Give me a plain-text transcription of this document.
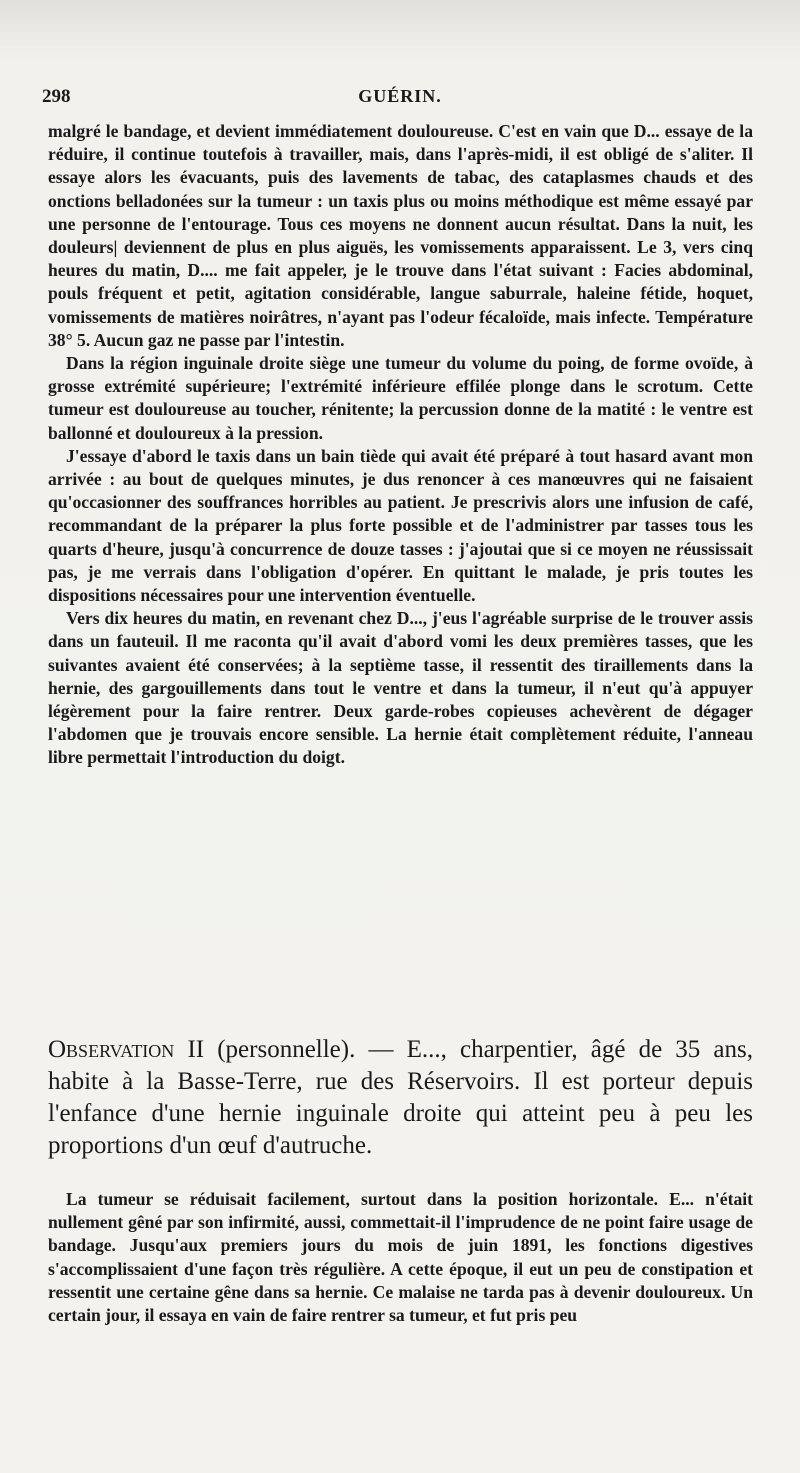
298	GUÉRIN.

malgré le bandage, et devient immédiatement douloureuse. C'est en vain que D... essaye de la réduire, il continue toutefois à travailler, mais, dans l'après-midi, il est obligé de s'aliter. Il essaye alors les évacuants, puis des lavements de tabac, des cataplasmes chauds et des onctions belladonées sur la tumeur : un taxis plus ou moins méthodique est même essayé par une personne de l'entourage. Tous ces moyens ne donnent aucun résultat. Dans la nuit, les douleurs| deviennent de plus en plus aiguës, les vomissements apparaissent. Le 3, vers cinq heures du matin, D.... me fait appeler, je le trouve dans l'état suivant : Facies abdominal, pouls fréquent et petit, agitation considérable, langue saburrale, haleine fétide, hoquet, vomissements de matières noirâtres, n'ayant pas l'odeur fécaloïde, mais infecte. Température 38° 5. Aucun gaz ne passe par l'intestin.

Dans la région inguinale droite siège une tumeur du volume du poing, de forme ovoïde, à grosse extrémité supérieure; l'extrémité inférieure effilée plonge dans le scrotum. Cette tumeur est douloureuse au toucher, rénitente; la percussion donne de la matité : le ventre est ballonné et douloureux à la pression.

J'essaye d'abord le taxis dans un bain tiède qui avait été préparé à tout hasard avant mon arrivée : au bout de quelques minutes, je dus renoncer à ces manœuvres qui ne faisaient qu'occasionner des souffrances horribles au patient. Je prescrivis alors une infusion de café, recommandant de la préparer la plus forte possible et de l'administrer par tasses tous les quarts d'heure, jusqu'à concurrence de douze tasses : j'ajoutai que si ce moyen ne réussissait pas, je me verrais dans l'obligation d'opérer. En quittant le malade, je pris toutes les dispositions nécessaires pour une intervention éventuelle.

Vers dix heures du matin, en revenant chez D..., j'eus l'agréable surprise de le trouver assis dans un fauteuil. Il me raconta qu'il avait d'abord vomi les deux premières tasses, que les suivantes avaient été conservées; à la septième tasse, il ressentit des tiraillements dans la hernie, des gargouillements dans tout le ventre et dans la tumeur, il n'eut qu'à appuyer légèrement pour la faire rentrer. Deux garde-robes copieuses achevèrent de dégager l'abdomen que je trouvais encore sensible. La hernie était complètement réduite, l'anneau libre permettait l'introduction du doigt.

Observation II (personnelle). — E..., charpentier, âgé de 35 ans, habite à la Basse-Terre, rue des Réservoirs. Il est porteur depuis l'enfance d'une hernie inguinale droite qui atteint peu à peu les proportions d'un œuf d'autruche.

La tumeur se réduisait facilement, surtout dans la position horizontale. E... n'était nullement gêné par son infirmité, aussi, commettait-il l'imprudence de ne point faire usage de bandage. Jusqu'aux premiers jours du mois de juin 1891, les fonctions digestives s'accomplissaient d'une façon très régulière. A cette époque, il eut un peu de constipation et ressentit une certaine gêne dans sa hernie. Ce malaise ne tarda pas à devenir douloureux. Un certain jour, il essaya en vain de faire rentrer sa tumeur, et fut pris peu
